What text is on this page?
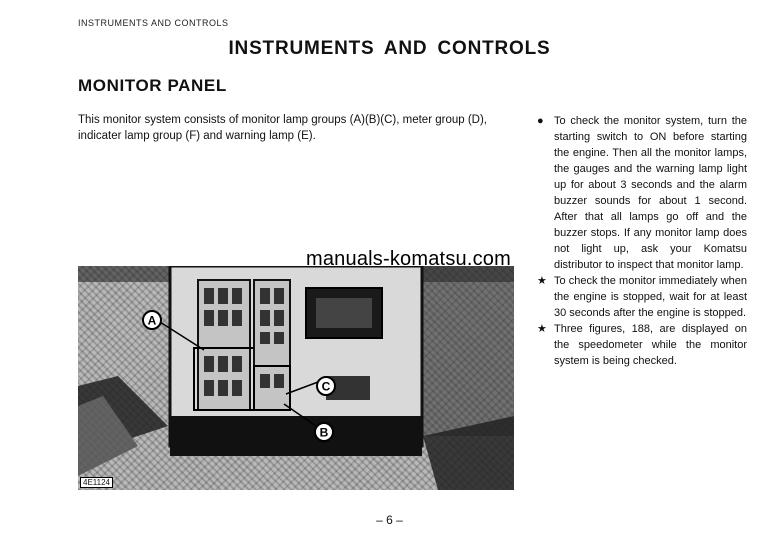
INSTRUMENTS AND CONTROLS
INSTRUMENTS AND CONTROLS
MONITOR PANEL
This monitor system consists of monitor lamp groups (A)(B)(C), meter group (D), indicater lamp group (F) and warning lamp (E).
● To check the monitor system, turn the starting switch to ON before starting the engine. Then all the monitor lamps, the gauges and the warning lamp light up for about 3 seconds and the alarm buzzer sounds for about 1 second. After that all lamps go off and the buzzer stops. If any monitor lamp does not light up, ask your Komatsu distributor to inspect that monitor lamp.
★ To check the monitor immediately when the engine is stopped, wait for at least 30 seconds after the engine is stopped.
★ Three figures, 188, are displayed on the speedometer while the monitor system is being checked.
A
C
B
4E1124
manuals-komatsu.com
– 6 –
